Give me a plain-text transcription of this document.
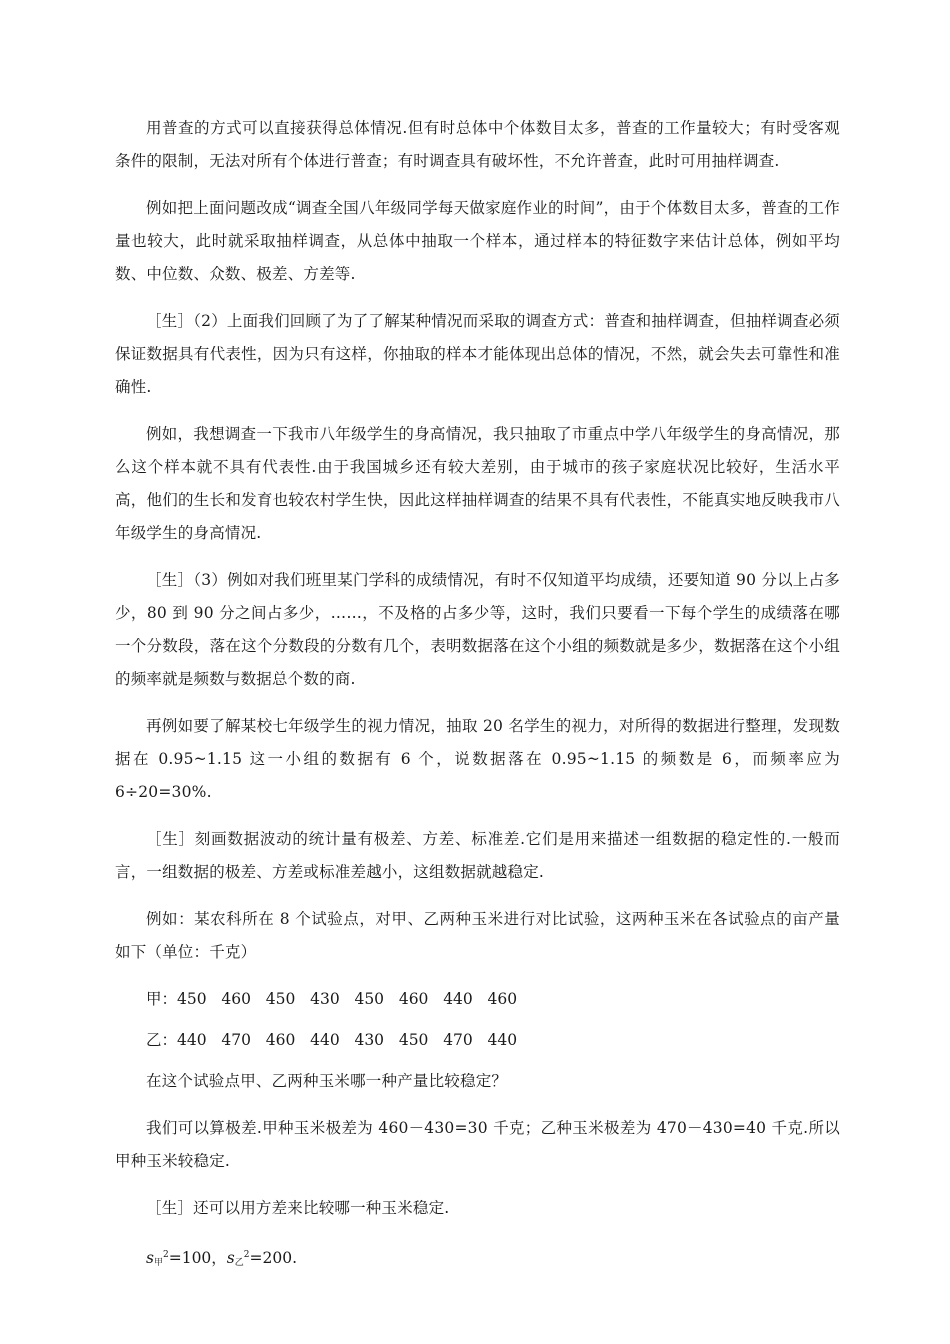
用普查的方式可以直接获得总体情况.但有时总体中个体数目太多，普查的工作量较大；有时受客观条件的限制，无法对所有个体进行普查；有时调查具有破坏性，不允许普查，此时可用抽样调查.

例如把上面问题改成“调查全国八年级同学每天做家庭作业的时间”，由于个体数目太多，普查的工作量也较大，此时就采取抽样调查，从总体中抽取一个样本，通过样本的特征数字来估计总体，例如平均数、中位数、众数、极差、方差等.

［生］（2）上面我们回顾了为了了解某种情况而采取的调查方式：普查和抽样调查，但抽样调查必须保证数据具有代表性，因为只有这样，你抽取的样本才能体现出总体的情况，不然，就会失去可靠性和准确性.

例如，我想调查一下我市八年级学生的身高情况，我只抽取了市重点中学八年级学生的身高情况，那么这个样本就不具有代表性.由于我国城乡还有较大差别，由于城市的孩子家庭状况比较好，生活水平高，他们的生长和发育也较农村学生快，因此这样抽样调查的结果不具有代表性，不能真实地反映我市八年级学生的身高情况.

［生］（3）例如对我们班里某门学科的成绩情况，有时不仅知道平均成绩，还要知道 90 分以上占多少，80 到 90 分之间占多少，……，不及格的占多少等，这时，我们只要看一下每个学生的成绩落在哪一个分数段，落在这个分数段的分数有几个，表明数据落在这个小组的频数就是多少，数据落在这个小组的频率就是频数与数据总个数的商.

再例如要了解某校七年级学生的视力情况，抽取 20 名学生的视力，对所得的数据进行整理，发现数据在 0.95~1.15 这一小组的数据有 6 个，说数据落在 0.95~1.15 的频数是 6，而频率应为 6÷20=30%.

［生］刻画数据波动的统计量有极差、方差、标准差.它们是用来描述一组数据的稳定性的.一般而言，一组数据的极差、方差或标准差越小，这组数据就越稳定.

例如：某农科所在 8 个试验点，对甲、乙两种玉米进行对比试验，这两种玉米在各试验点的亩产量如下（单位：千克）

甲：450   460   450   430   450   460   440   460

乙：440   470   460   440   430   450   470   440

在这个试验点甲、乙两种玉米哪一种产量比较稳定？

我们可以算极差.甲种玉米极差为 460－430=30 千克；乙种玉米极差为 470－430=40 千克.所以甲种玉米较稳定.

［生］还可以用方差来比较哪一种玉米稳定.

$s_甲^2=100$，$s_乙^2=200$.
